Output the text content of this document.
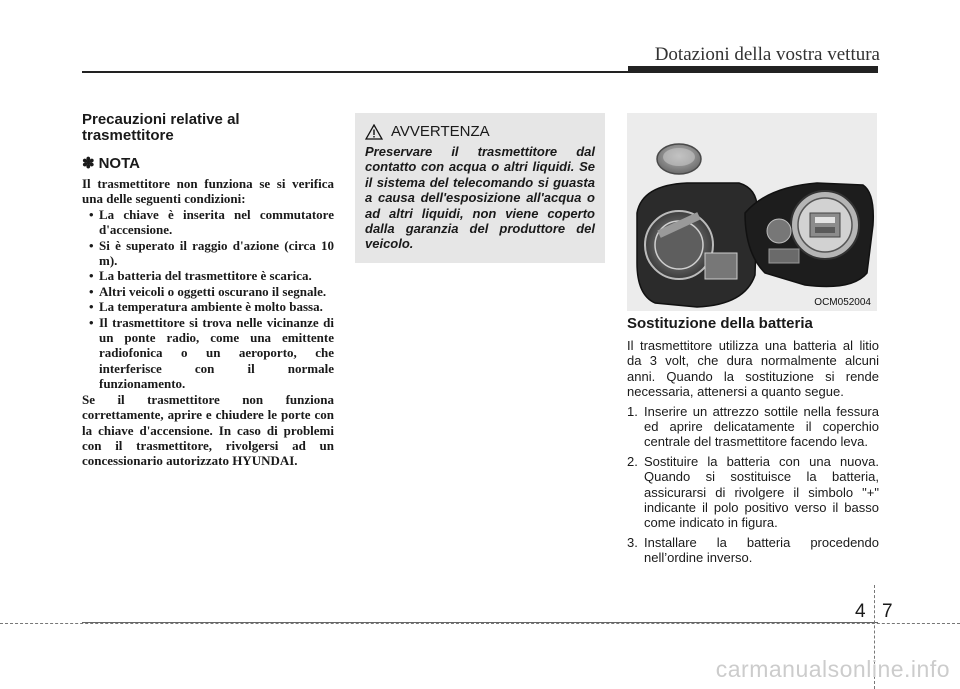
Dotazioni della vostra vettura
Precauzioni relative al trasmettitore
✽ NOTA

Il trasmettitore non funziona se si verifica una delle seguenti condizioni:

• La chiave è inserita nel commutatore d'accensione.
• Si è superato il raggio d'azione (circa 10 m).
• La batteria del trasmettitore è scarica.
• Altri veicoli o oggetti oscurano il segnale.
• La temperatura ambiente è molto bassa.
• Il trasmettitore si trova nelle vicinanze di un ponte radio, come una emittente radiofonica o un aeroporto, che interferisce con il normale funzionamento.

Se il trasmettitore non funziona correttamente, aprire e chiudere le porte con la chiave d'accensione. In caso di problemi con il trasmettitore, rivolgersi ad un concessionario autorizzato HYUNDAI.

AVVERTENZA

Preservare il trasmettitore dal contatto con acqua o altri liquidi. Se il sistema del telecomando si guasta a causa dell'esposizione all'acqua o ad altri liquidi, non viene coperto dalla garanzia del produttore del veicolo.

OCM052004
Sostituzione della batteria

Il trasmettitore utilizza una batteria al litio da 3 volt, che dura normalmente alcuni anni. Quando la sostituzione si rende necessaria, attenersi a quanto segue.

1. Inserire un attrezzo sottile nella fessura ed aprire delicatamente il coperchio centrale del trasmettitore facendo leva.
2. Sostituire la batteria con una nuova. Quando si sostituisce la batteria, assicurarsi di rivolgere il simbolo "+" indicante il polo positivo verso il basso come indicato in figura.
3. Installare la batteria procedendo nell’ordine inverso.
4 7
carmanualsonline.info
